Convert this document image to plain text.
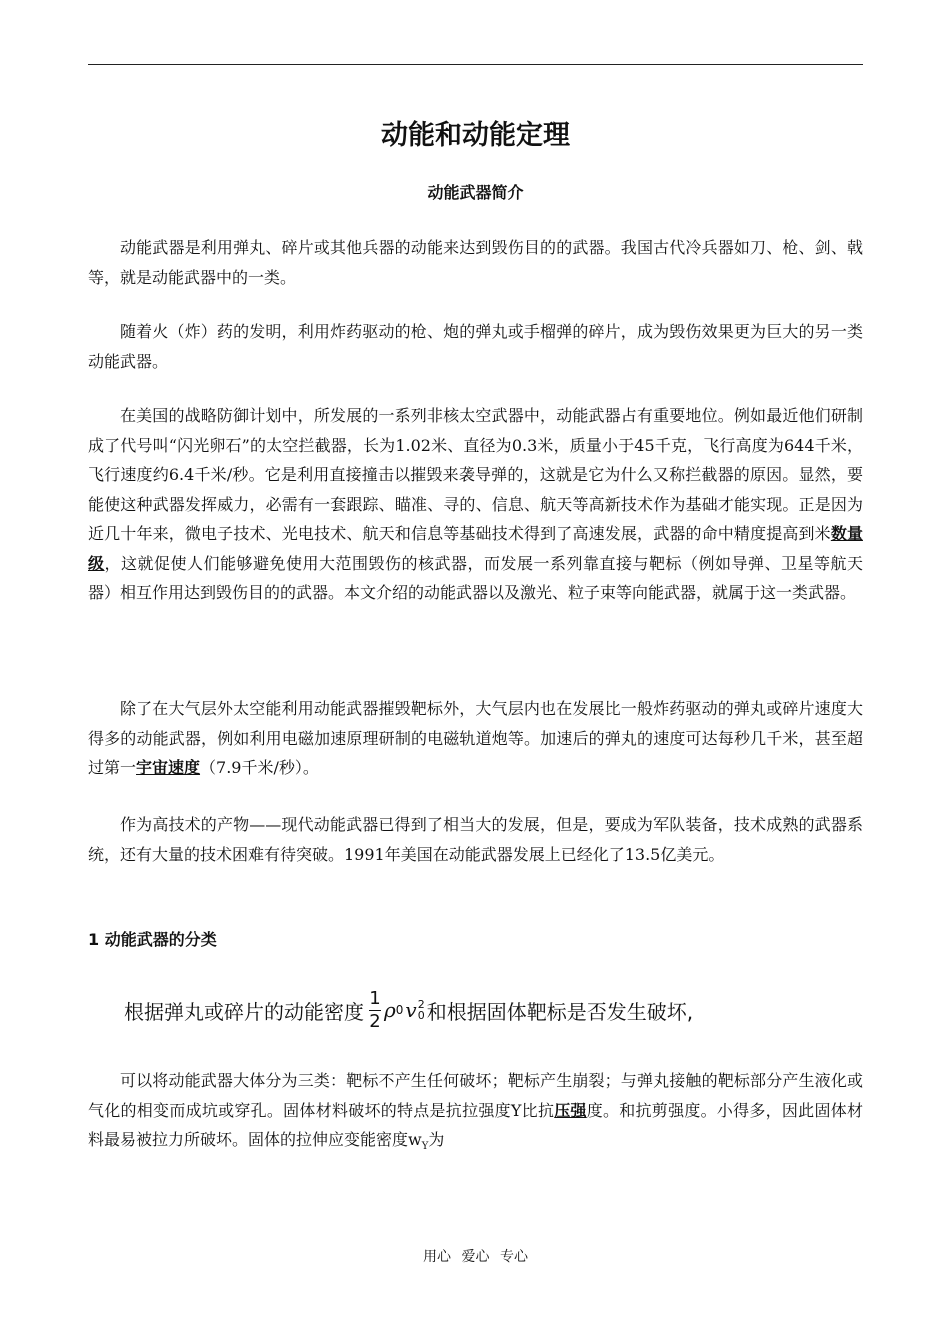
动能和动能定理
动能武器简介

动能武器是利用弹丸、碎片或其他兵器的动能来达到毁伤目的的武器。我国古代冷兵器如刀、枪、剑、戟等，就是动能武器中的一类。

随着火（炸）药的发明，利用炸药驱动的枪、炮的弹丸或手榴弹的碎片，成为毁伤效果更为巨大的另一类动能武器。

在美国的战略防御计划中，所发展的一系列非核太空武器中，动能武器占有重要地位。例如最近他们研制成了代号叫“闪光卵石”的太空拦截器，长为1.02米、直径为0.3米，质量小于45千克，飞行高度为644千米，飞行速度约6.4千米/秒。它是利用直接撞击以摧毁来袭导弹的，这就是它为什么又称拦截器的原因。显然，要能使这种武器发挥威力，必需有一套跟踪、瞄准、寻的、信息、航天等高新技术作为基础才能实现。正是因为近几十年来，微电子技术、光电技术、航天和信息等基础技术得到了高速发展，武器的命中精度提高到米数量级，这就促使人们能够避免使用大范围毁伤的核武器，而发展一系列靠直接与靶标（例如导弹、卫星等航天器）相互作用达到毁伤目的的武器。本文介绍的动能武器以及激光、粒子束等向能武器，就属于这一类武器。

除了在大气层外太空能利用动能武器摧毁靶标外，大气层内也在发展比一般炸药驱动的弹丸或碎片速度大得多的动能武器，例如利用电磁加速原理研制的电磁轨道炮等。加速后的弹丸的速度可达每秒几千米，甚至超过第一宇宙速度（7.9千米/秒）。

作为高技术的产物——现代动能武器已得到了相当大的发展，但是，要成为军队装备，技术成熟的武器系统，还有大量的技术困难有待突破。1991年美国在动能武器发展上已经化了13.5亿美元。

1 动能武器的分类
根据弹丸或碎片的动能密度 $\frac{1}{2}$ ρ 0 v 2
0 和根据固体靶标是否发生破坏,

可以将动能武器大体分为三类：靶标不产生任何破坏；靶标产生崩裂；与弹丸接触的靶标部分产生液化或气化的相变而成坑或穿孔。固体材料破坏的特点是抗拉强度Y比抗压强度。和抗剪强度。小得多，因此固体材料最易被拉力所破坏。固体的拉伸应变能密度$w_Y$为

用心 爱心 专心
